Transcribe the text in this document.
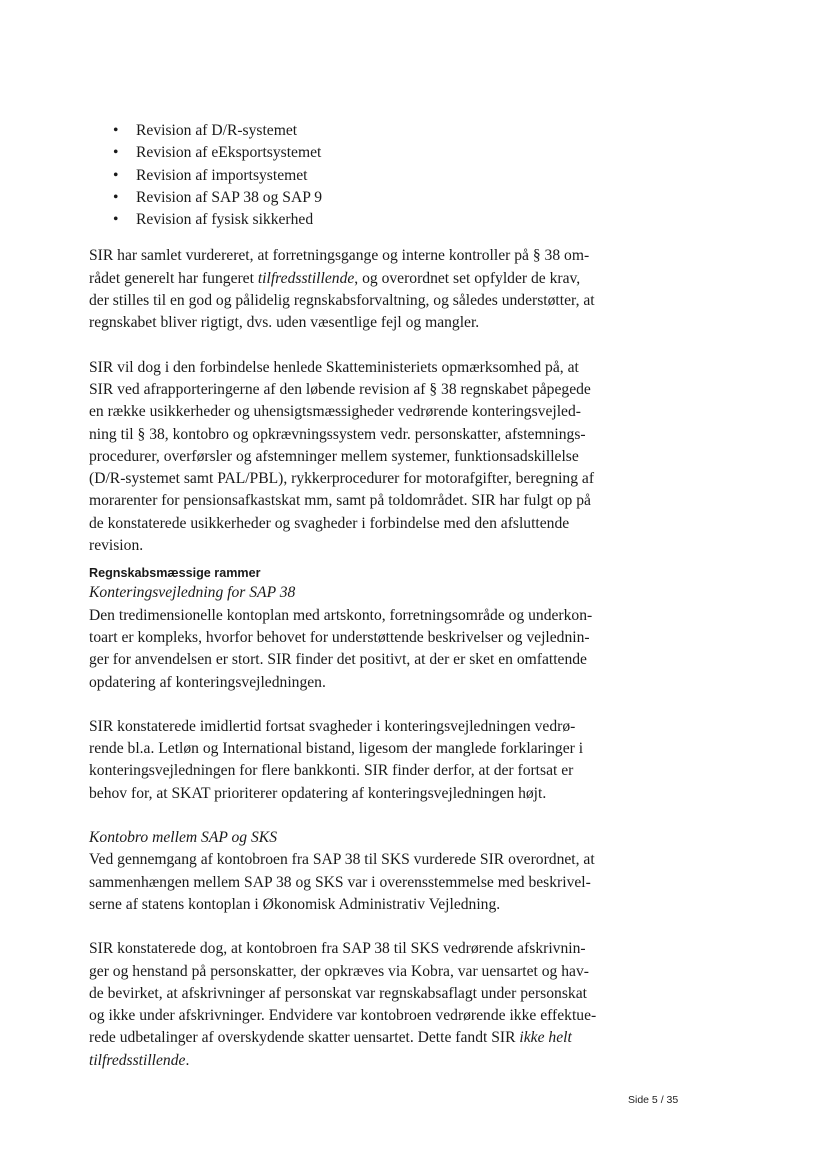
• Revision af D/R-systemet
• Revision af eEksportsystemet
• Revision af importsystemet
• Revision af SAP 38 og SAP 9
• Revision af fysisk sikkerhed

SIR har samlet vurdereret, at forretningsgange og interne kontroller på § 38 om-
rådet generelt har fungeret tilfredsstillende, og overordnet set opfylder de krav,
der stilles til en god og pålidelig regnskabsforvaltning, og således understøtter, at
regnskabet bliver rigtigt, dvs. uden væsentlige fejl og mangler.

SIR vil dog i den forbindelse henlede Skatteministeriets opmærksomhed på, at
SIR ved afrapporteringerne af den løbende revision af § 38 regnskabet påpegede
en række usikkerheder og uhensigtsmæssigheder vedrørende konteringsvejled-
ning til § 38, kontobro og opkrævningssystem vedr. personskatter, afstemnings-
procedurer, overførsler og afstemninger mellem systemer, funktionsadskillelse
(D/R-systemet samt PAL/PBL), rykkerprocedurer for motorafgifter, beregning af
morarenter for pensionsafkastskat mm, samt på toldområdet. SIR har fulgt op på
de konstaterede usikkerheder og svagheder i forbindelse med den afsluttende
revision.

Regnskabsmæssige rammer

Konteringsvejledning for SAP 38

Den tredimensionelle kontoplan med artskonto, forretningsområde og underkon-
toart er kompleks, hvorfor behovet for understøttende beskrivelser og vejlednin-
ger for anvendelsen er stort. SIR finder det positivt, at der er sket en omfattende
opdatering af konteringsvejledningen.

SIR konstaterede imidlertid fortsat svagheder i konteringsvejledningen vedrø-
rende bl.a. Letløn og International bistand, ligesom der manglede forklaringer i
konteringsvejledningen for flere bankkonti. SIR finder derfor, at der fortsat er
behov for, at SKAT prioriterer opdatering af konteringsvejledningen højt.

Kontobro mellem SAP og SKS

Ved gennemgang af kontobroen fra SAP 38 til SKS vurderede SIR overordnet, at
sammenhængen mellem SAP 38 og SKS var i overensstemmelse med beskrivel-
serne af statens kontoplan i Økonomisk Administrativ Vejledning.

SIR konstaterede dog, at kontobroen fra SAP 38 til SKS vedrørende afskrivnin-
ger og henstand på personskatter, der opkræves via Kobra, var uensartet og hav-
de bevirket, at afskrivninger af personskat var regnskabsaflagt under personskat
og ikke under afskrivninger. Endvidere var kontobroen vedrørende ikke effektue-
rede udbetalinger af overskydende skatter uensartet. Dette fandt SIR ikke helt
tilfredsstillende.

Side 5 / 35
